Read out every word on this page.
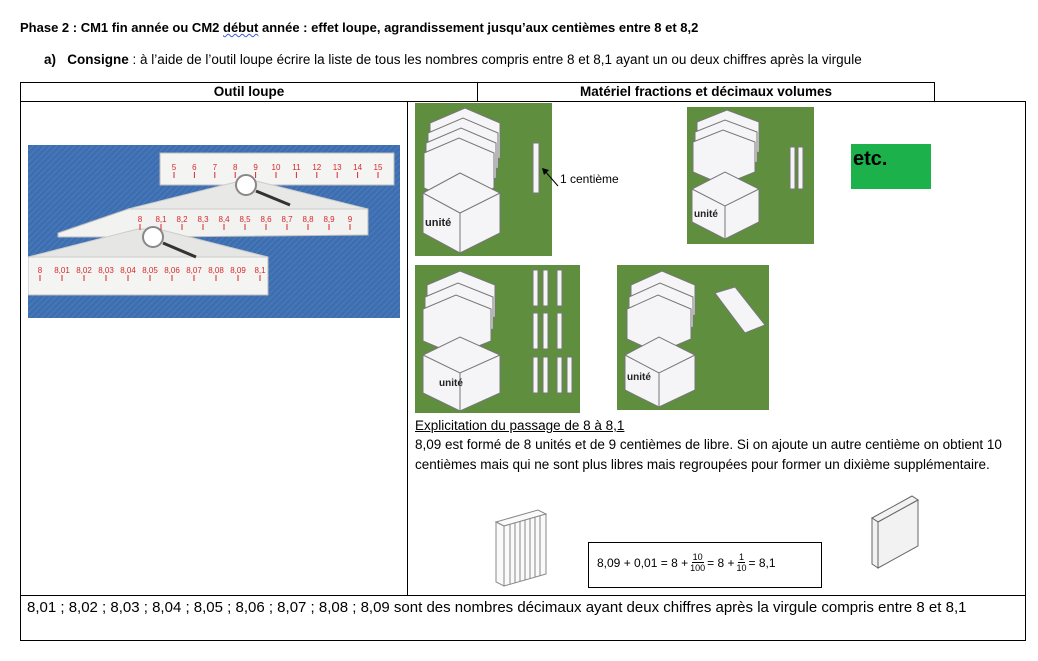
Phase 2 : CM1 fin année ou CM2 début année : effet loupe, agrandissement jusqu’aux centièmes entre 8 et 8,2
a) Consigne : à l’aide de l’outil loupe écrire la liste de tous les nombres compris entre 8 et 8,1 ayant un ou deux chiffres après la virgule
Outil loupe	Matériel fractions et décimaux volumes
5 6 7 8 9 10 11 12 13 14 15
8 8,1 8,2 8,3 8,4 8,5 8,6 8,7 8,8 8,9 9
8 8,01 8,02 8,03 8,04 8,05 8,06 8,07 8,08 8,09 8,1
unité
1 centième
unité
etc.
unité
unité
Explicitation du passage de 8 à 8,1
8,09 est formé de 8 unités et de 9 centièmes de libre. Si on ajoute un autre centième on obtient 10 centièmes mais qui ne sont plus libres mais regroupées pour former un dixième supplémentaire.
$8,09 + 0,01 = 8 + \frac{10}{100} = 8 + \frac{1}{10} = 8,1$
8,01 ; 8,02 ; 8,03 ; 8,04 ; 8,05 ; 8,06 ; 8,07 ; 8,08 ; 8,09 sont des nombres décimaux ayant deux chiffres après la virgule compris entre 8 et 8,1
